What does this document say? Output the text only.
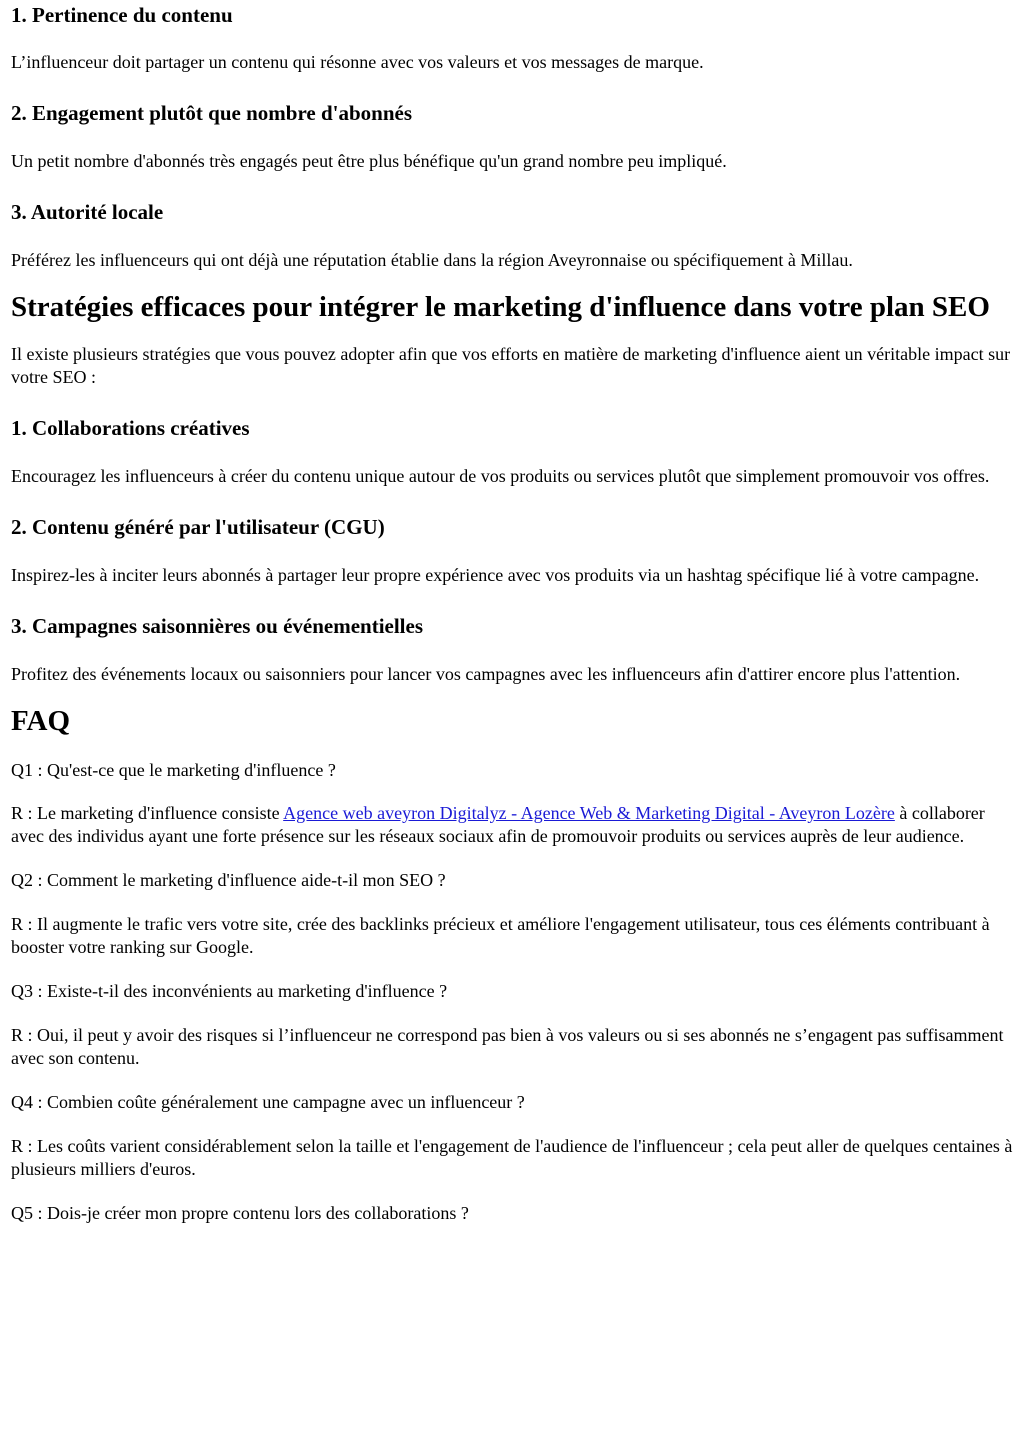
1. Pertinence du contenu

L’influenceur doit partager un contenu qui résonne avec vos valeurs et vos messages de marque.

2. Engagement plutôt que nombre d'abonnés

Un petit nombre d'abonnés très engagés peut être plus bénéfique qu'un grand nombre peu impliqué.

3. Autorité locale

Préférez les influenceurs qui ont déjà une réputation établie dans la région Aveyronnaise ou spécifiquement à Millau.

Stratégies efficaces pour intégrer le marketing d'influence dans votre plan SEO

Il existe plusieurs stratégies que vous pouvez adopter afin que vos efforts en matière de marketing d'influence aient un véritable impact sur votre SEO :

1. Collaborations créatives

Encouragez les influenceurs à créer du contenu unique autour de vos produits ou services plutôt que simplement promouvoir vos offres.

2. Contenu généré par l'utilisateur (CGU)

Inspirez-les à inciter leurs abonnés à partager leur propre expérience avec vos produits via un hashtag spécifique lié à votre campagne.

3. Campagnes saisonnières ou événementielles

Profitez des événements locaux ou saisonniers pour lancer vos campagnes avec les influenceurs afin d'attirer encore plus l'attention.

FAQ

Q1 : Qu'est-ce que le marketing d'influence ?

R : Le marketing d'influence consiste Agence web aveyron Digitalyz - Agence Web & Marketing Digital - Aveyron Lozère à collaborer avec des individus ayant une forte présence sur les réseaux sociaux afin de promouvoir produits ou services auprès de leur audience.

Q2 : Comment le marketing d'influence aide-t-il mon SEO ?

R : Il augmente le trafic vers votre site, crée des backlinks précieux et améliore l'engagement utilisateur, tous ces éléments contribuant à booster votre ranking sur Google.

Q3 : Existe-t-il des inconvénients au marketing d'influence ?

R : Oui, il peut y avoir des risques si l’influenceur ne correspond pas bien à vos valeurs ou si ses abonnés ne s’engagent pas suffisamment avec son contenu.

Q4 : Combien coûte généralement une campagne avec un influenceur ?

R : Les coûts varient considérablement selon la taille et l'engagement de l'audience de l'influenceur ; cela peut aller de quelques centaines à plusieurs milliers d'euros.

Q5 : Dois-je créer mon propre contenu lors des collaborations ?
